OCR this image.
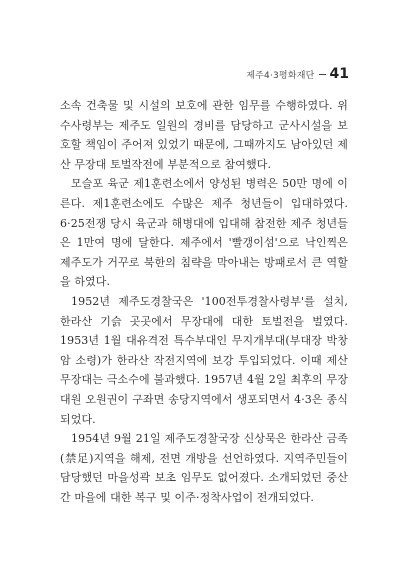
제주4·3평화재단 41

소속 건축물 및 시설의 보호에 관한 임무를 수행하였다. 위수사령부는 제주도 일원의 경비를 담당하고 군사시설을 보호할 책임이 주어져 있었기 때문에, 그때까지도 남아있던 제산 무장대 토벌작전에 부분적으로 참여했다.

모슬포 육군 제1훈련소에서 양성된 병력은 50만 명에 이른다. 제1훈련소에도 수많은 제주 청년들이 입대하였다. 6·25전쟁 당시 육군과 해병대에 입대해 참전한 제주 청년들은 1만여 명에 달한다. 제주에서 '빨갱이섬'으로 낙인찍은 제주도가 거꾸로 북한의 침략을 막아내는 방패로서 큰 역할을 하였다.

1952년 제주도경찰국은 '100전투경찰사령부'를 설치, 한라산 기슭 곳곳에서 무장대에 대한 토벌전을 벌였다. 1953년 1월 대유격전 특수부대인 무지개부대(부대장 박창암 소령)가 한라산 작전지역에 보강 투입되었다. 이때 제산 무장대는 극소수에 불과했다. 1957년 4월 2일 최후의 무장대원 오원권이 구좌면 송당지역에서 생포되면서 4·3은 종식되었다.

1954년 9월 21일 제주도경찰국장 신상묵은 한라산 금족(禁足)지역을 해제, 전면 개방을 선언하였다. 지역주민들이 담당했던 마을성곽 보초 임무도 없어졌다. 소개되었던 중산간 마을에 대한 복구 및 이주·정착사업이 전개되었다.
